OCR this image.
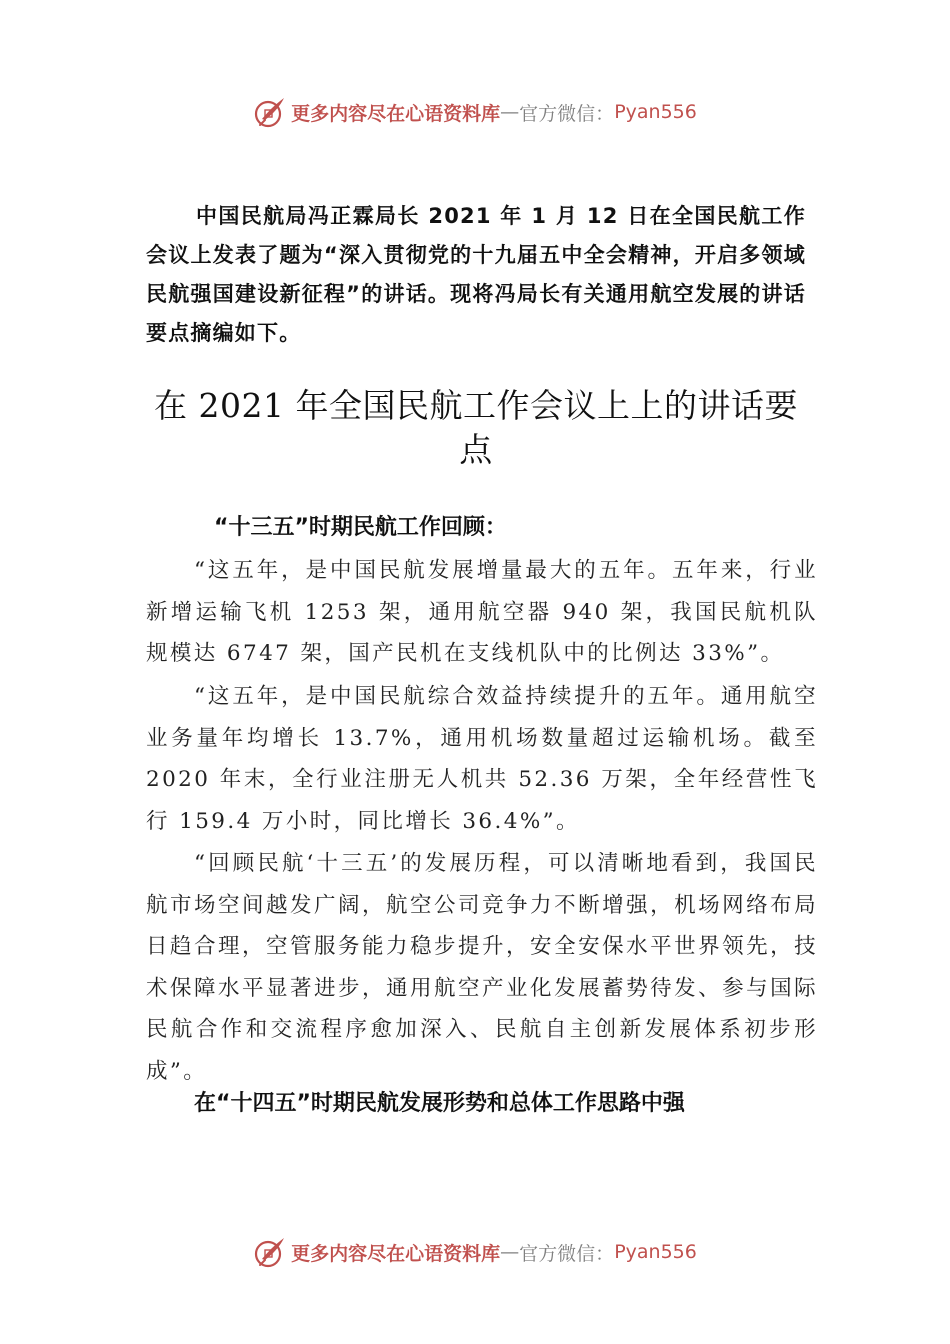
更多内容尽在心语资料库 — 官方微信： Pyan556

中国民航局冯正霖局长 2021 年 1 月 12 日在全国民航工作会议上发表了题为“深入贯彻党的十九届五中全会精神，开启多领域民航强国建设新征程”的讲话。现将冯局长有关通用航空发展的讲话要点摘编如下。

在 2021 年全国民航工作会议上上的讲话要点
“十三五”时期民航工作回顾：

“这五年，是中国民航发展增量最大的五年。五年来，行业新增运输飞机 1253 架，通用航空器 940 架，我国民航机队规模达 6747 架，国产民机在支线机队中的比例达 33%”。

“这五年，是中国民航综合效益持续提升的五年。通用航空业务量年均增长 13.7%，通用机场数量超过运输机场。截至 2020 年末，全行业注册无人机共 52.36 万架，全年经营性飞行 159.4 万小时，同比增长 36.4%”。

“回顾民航‘十三五’的发展历程，可以清晰地看到，我国民航市场空间越发广阔，航空公司竞争力不断增强，机场网络布局日趋合理，空管服务能力稳步提升，安全安保水平世界领先，技术保障水平显著进步，通用航空产业化发展蓄势待发、参与国际民航合作和交流程序愈加深入、民航自主创新发展体系初步形成”。

在“十四五”时期民航发展形势和总体工作思路中强
更多内容尽在心语资料库 — 官方微信： Pyan556
